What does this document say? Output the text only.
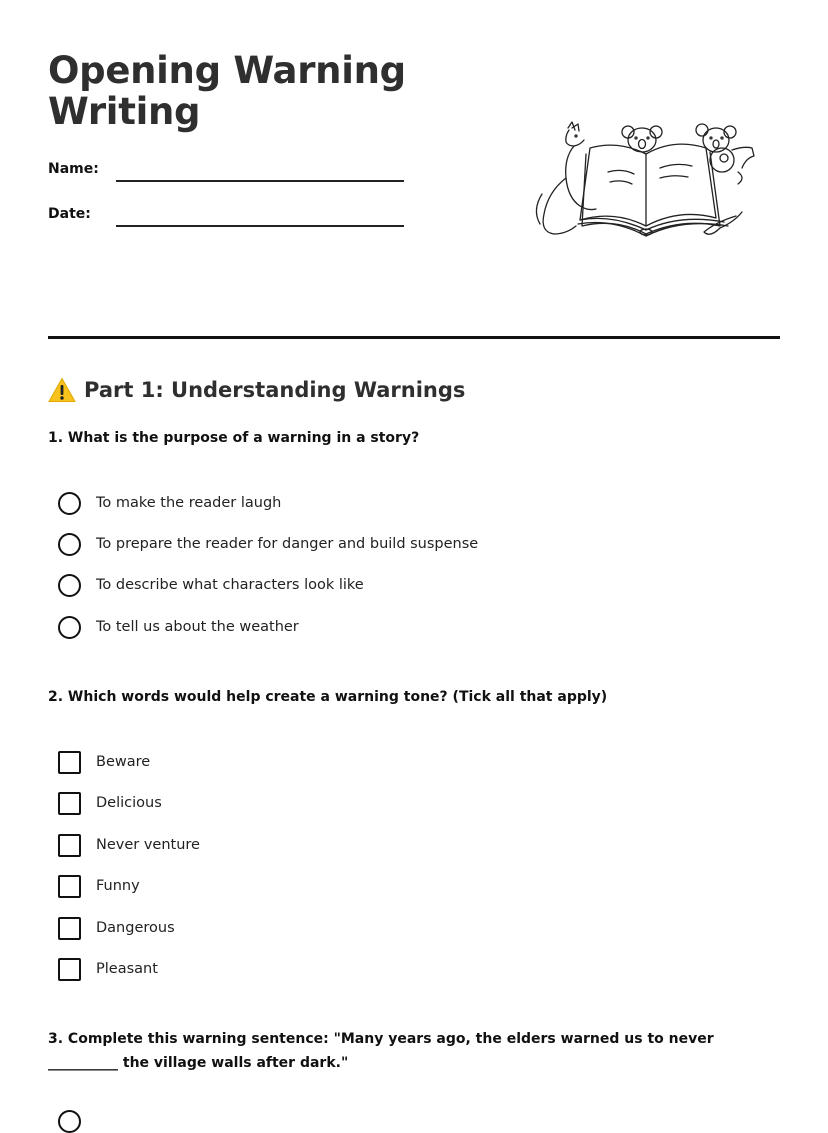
Opening Warning Writing
Name:
Date:
Part 1: Understanding Warnings
1. What is the purpose of a warning in a story?
To make the reader laugh
To prepare the reader for danger and build suspense
To describe what characters look like
To tell us about the weather
2. Which words would help create a warning tone? (Tick all that apply)
Beware
Delicious
Never venture
Funny
Dangerous
Pleasant
3. Complete this warning sentence: "Many years ago, the elders warned us to never __________ the village walls after dark."
